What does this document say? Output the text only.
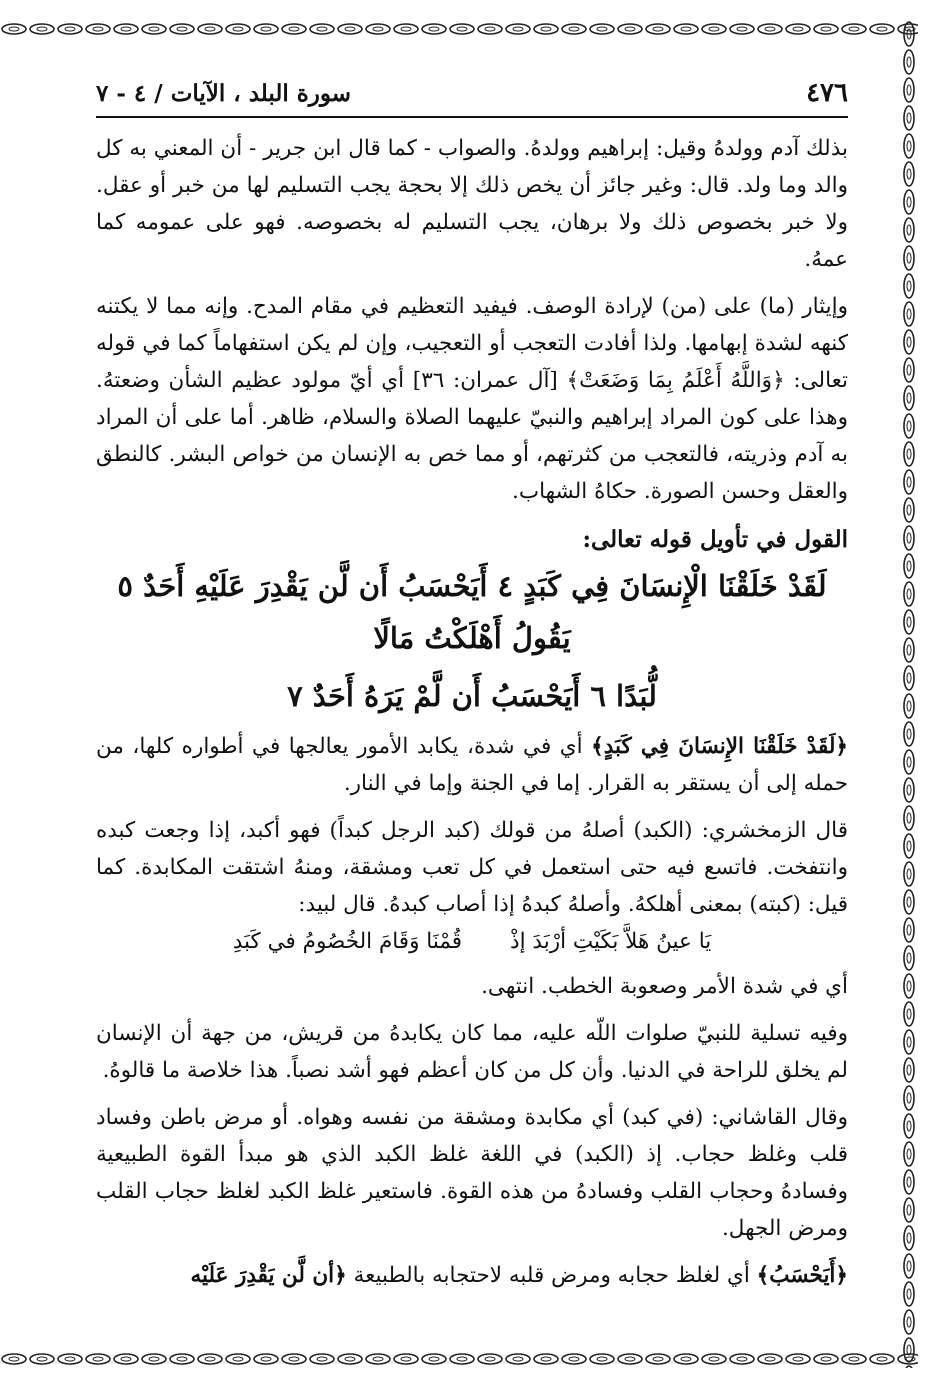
٤٧٦
سورة البلد ، الآيات / ٤ - ٧

بذلك آدم وولدهُ وقيل: إبراهيم وولدهُ. والصواب - كما قال ابن جرير - أن المعني به كل والد وما ولد. قال: وغير جائز أن يخص ذلك إلا بحجة يجب التسليم لها من خبر أو عقل. ولا خبر بخصوص ذلك ولا برهان، يجب التسليم له بخصوصه. فهو على عمومه كما عمهُ.

وإيثار (ما) على (من) لإرادة الوصف. فيفيد التعظيم في مقام المدح. وإنه مما لا يكتنه كنهه لشدة إبهامها. ولذا أفادت التعجب أو التعجيب، وإن لم يكن استفهاماً كما في قوله تعالى: ﴿وَاللَّهُ أَعْلَمُ بِمَا وَضَعَتْ﴾ [آل عمران: ٣٦] أي أيّ مولود عظيم الشأن وضعتهُ. وهذا على كون المراد إبراهيم والنبيّ عليهما الصلاة والسلام، ظاهر. أما على أن المراد به آدم وذريته، فالتعجب من كثرتهم، أو مما خص به الإنسان من خواص البشر. كالنطق والعقل وحسن الصورة. حكاهُ الشهاب.

القول في تأويل قوله تعالى:
لَقَدْ خَلَقْنَا الْإِنسَانَ فِي كَبَدٍ ٤ أَيَحْسَبُ أَن لَّن يَقْدِرَ عَلَيْهِ أَحَدٌ ٥ يَقُولُ أَهْلَكْتُ مَالًا
لُّبَدًا ٦ أَيَحْسَبُ أَن لَّمْ يَرَهُ أَحَدٌ ٧

﴿لَقَدْ خَلَقْنَا الإِنسَانَ فِي كَبَدٍ﴾ أي في شدة، يكابد الأمور يعالجها في أطواره كلها، من حمله إلى أن يستقر به القرار. إما في الجنة وإما في النار.

قال الزمخشري: (الكبد) أصلهُ من قولك (كبد الرجل كبداً) فهو أكبد، إذا وجعت كبده وانتفخت. فاتسع فيه حتى استعمل في كل تعب ومشقة، ومنهُ اشتقت المكابدة. كما قيل: (كبته) بمعنى أهلكهُ. وأصلهُ كبدهُ إذا أصاب كبدهُ. قال لبيد:

يَا عينُ هَلاَّ بَكَيْتِ أرْبَدَ إذْ
قُمْنَا وَقَامَ الخُصُومُ في كَبَدِ

أي في شدة الأمر وصعوبة الخطب. انتهى.

وفيه تسلية للنبيّ صلوات اللّه عليه، مما كان يكابدهُ من قريش، من جهة أن الإنسان لم يخلق للراحة في الدنيا. وأن كل من كان أعظم فهو أشد نصباً. هذا خلاصة ما قالوهُ.

وقال القاشاني: (في كبد) أي مكابدة ومشقة من نفسه وهواه. أو مرض باطن وفساد قلب وغلظ حجاب. إذ (الكبد) في اللغة غلظ الكبد الذي هو مبدأ القوة الطبيعية وفسادهُ وحجاب القلب وفسادهُ من هذه القوة. فاستعير غلظ الكبد لغلظ حجاب القلب ومرض الجهل.

﴿أَيَحْسَبُ﴾ أي لغلظ حجابه ومرض قلبه لاحتجابه بالطبيعة ﴿أن لَّن يَقْدِرَ عَلَيْه
